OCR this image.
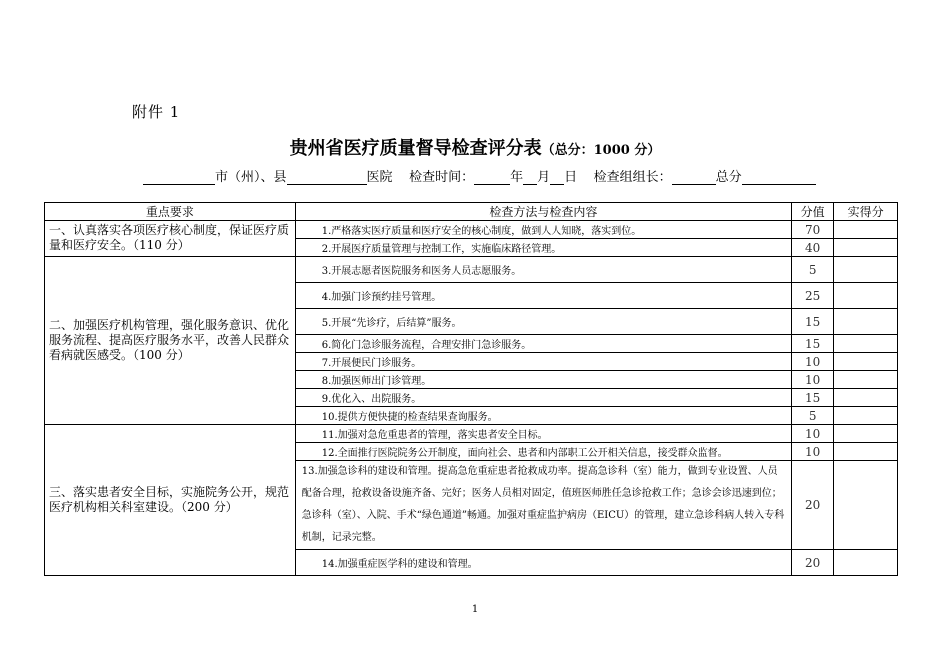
附件 1
贵州省医疗质量督导检查评分表（总分：1000 分）
市（州）、县	医院 检查时间：	年 月 日 检查组组长：	总分
重点要求	检查方法与检查内容	分值	实得分
一、认真落实各项医疗核心制度，保证医疗质量和医疗安全。（110 分）	1.严格落实医疗质量和医疗安全的核心制度，做到人人知晓，落实到位。	70	
	2.开展医疗质量管理与控制工作，实施临床路径管理。	40	
二、加强医疗机构管理，强化服务意识、优化服务流程、提高医疗服务水平，改善人民群众看病就医感受。（100 分）	3.开展志愿者医院服务和医务人员志愿服务。	5	
	4.加强门诊预约挂号管理。	25	
	5.开展“先诊疗，后结算”服务。	15	
	6.简化门急诊服务流程，合理安排门急诊服务。	15	
	7.开展便民门诊服务。	10	
	8.加强医师出门诊管理。	10	
	9.优化入、出院服务。	15	
	10.提供方便快捷的检查结果查询服务。	5	
三、落实患者安全目标，实施院务公开，规范医疗机构相关科室建设。（200 分）	11.加强对急危重患者的管理，落实患者安全目标。	10	
	12.全面推行医院院务公开制度，面向社会、患者和内部职工公开相关信息，接受群众监督。	10	
	13.加强急诊科的建设和管理。提高急危重症患者抢救成功率。提高急诊科（室）能力，做到专业设置、人员配备合理，抢救设备设施齐备、完好；医务人员相对固定，值班医师胜任急诊抢救工作；急诊会诊迅速到位；急诊科（室）、入院、手术“绿色通道”畅通。加强对重症监护病房（EICU）的管理，建立急诊科病人转入专科机制，记录完整。	20	
	14.加强重症医学科的建设和管理。	20	
1
